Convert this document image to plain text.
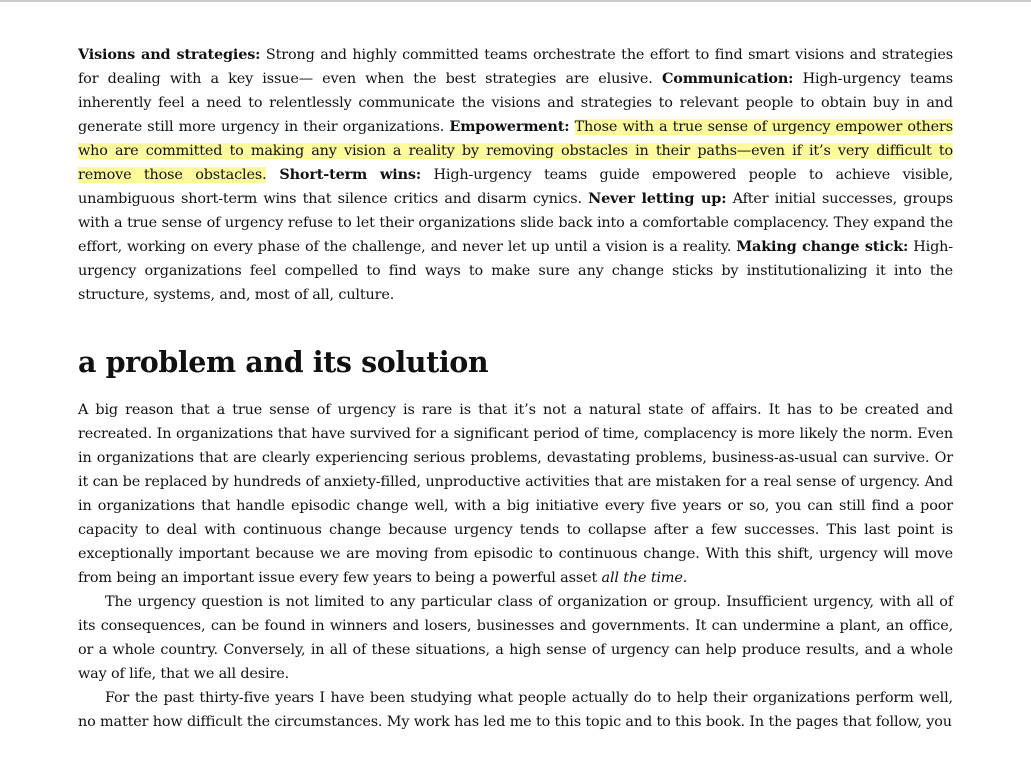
Visions and strategies: Strong and highly committed teams orchestrate the effort to find smart visions and strategies for dealing with a key issue— even when the best strategies are elusive. Communication: High-urgency teams inherently feel a need to relentlessly communicate the visions and strategies to relevant people to obtain buy in and generate still more urgency in their organizations. Empowerment: Those with a true sense of urgency empower others who are committed to making any vision a reality by removing obstacles in their paths—even if it’s very difficult to remove those obstacles. Short-term wins: High-urgency teams guide empowered people to achieve visible, unambiguous short-term wins that silence critics and disarm cynics. Never letting up: After initial successes, groups with a true sense of urgency refuse to let their organizations slide back into a comfortable complacency. They expand the effort, working on every phase of the challenge, and never let up until a vision is a reality. Making change stick: High-urgency organizations feel compelled to find ways to make sure any change sticks by institutionalizing it into the structure, systems, and, most of all, culture.

a problem and its solution

A big reason that a true sense of urgency is rare is that it’s not a natural state of affairs. It has to be created and recreated. In organizations that have survived for a significant period of time, complacency is more likely the norm. Even in organizations that are clearly experiencing serious problems, devastating problems, business-as-usual can survive. Or it can be replaced by hundreds of anxiety-filled, unproductive activities that are mistaken for a real sense of urgency. And in organizations that handle episodic change well, with a big initiative every five years or so, you can still find a poor capacity to deal with continuous change because urgency tends to collapse after a few successes. This last point is exceptionally important because we are moving from episodic to continuous change. With this shift, urgency will move from being an important issue every few years to being a powerful asset all the time.

The urgency question is not limited to any particular class of organization or group. Insufficient urgency, with all of its consequences, can be found in winners and losers, businesses and governments. It can undermine a plant, an office, or a whole country. Conversely, in all of these situations, a high sense of urgency can help produce results, and a whole way of life, that we all desire.

For the past thirty-five years I have been studying what people actually do to help their organizations perform well, no matter how difficult the circumstances. My work has led me to this topic and to this book. In the pages that follow, you
